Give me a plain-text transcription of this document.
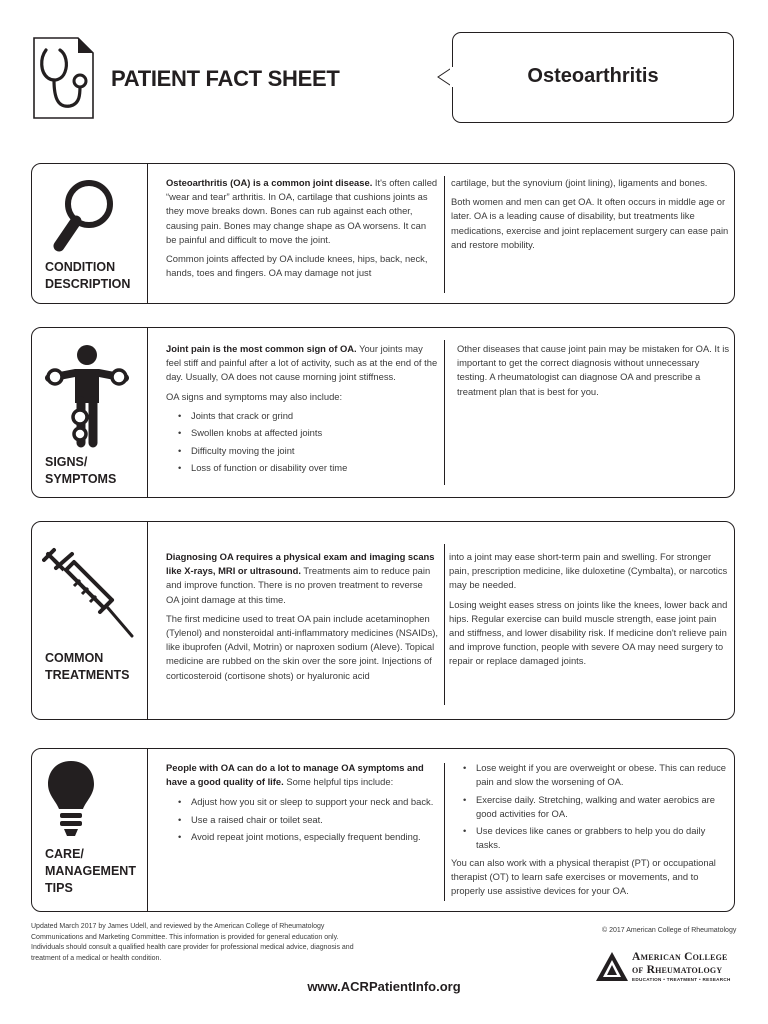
PATIENT FACT SHEET	Osteoarthritis
CONDITION
DESCRIPTION

Osteoarthritis (OA) is a common joint disease. It's often called “wear and tear” arthritis. In OA, cartilage that cushions joints as they move breaks down. Bones can rub against each other, causing pain. Bones may change shape as OA worsens. It can be painful and difficult to move the joint.

Common joints affected by OA include knees, hips, back, neck, hands, toes and fingers. OA may damage not just

cartilage, but the synovium (joint lining), ligaments and bones.

Both women and men can get OA. It often occurs in middle age or later. OA is a leading cause of disability, but treatments like medications, exercise and joint replacement surgery can ease pain and restore mobility.

SIGNS/
SYMPTOMS

Joint pain is the most common sign of OA. Your joints may feel stiff and painful after a lot of activity, such as at the end of the day. Usually, OA does not cause morning joint stiffness.

OA signs and symptoms may also include:

• Joints that crack or grind
• Swollen knobs at affected joints
• Difficulty moving the joint
• Loss of function or disability over time

Other diseases that cause joint pain may be mistaken for OA. It is important to get the correct diagnosis without unnecessary testing. A rheumatologist can diagnose OA and prescribe a treatment plan that is best for you.

COMMON
TREATMENTS

Diagnosing OA requires a physical exam and imaging scans like X-rays, MRI or ultrasound. Treatments aim to reduce pain and improve function. There is no proven treatment to reverse OA joint damage at this time.

The first medicine used to treat OA pain include acetaminophen (Tylenol) and nonsteroidal anti-inflammatory medicines (NSAIDs), like ibuprofen (Advil, Motrin) or naproxen sodium (Aleve). Topical medicine are rubbed on the skin over the sore joint. Injections of corticosteroid (cortisone shots) or hyaluronic acid

into a joint may ease short-term pain and swelling. For stronger pain, prescription medicine, like duloxetine (Cymbalta), or narcotics may be needed.

Losing weight eases stress on joints like the knees, lower back and hips. Regular exercise can build muscle strength, ease joint pain and stiffness, and lower disability risk. If medicine don't relieve pain and improve function, people with severe OA may need surgery to repair or replace damaged joints.

CARE/
MANAGEMENT
TIPS

People with OA can do a lot to manage OA symptoms and have a good quality of life. Some helpful tips include:

• Adjust how you sit or sleep to support your neck and back.
• Use a raised chair or toilet seat.
• Avoid repeat joint motions, especially frequent bending.
• Lose weight if you are overweight or obese. This can reduce pain and slow the worsening of OA.
• Exercise daily. Stretching, walking and water aerobics are good activities for OA.
• Use devices like canes or grabbers to help you do daily tasks.

You can also work with a physical therapist (PT) or occupational therapist (OT) to learn safe exercises or movements, and to properly use assistive devices for your OA.

Updated March 2017 by James Udell, and reviewed by the American College of Rheumatology Communications and Marketing Committee. This information is provided for general education only. Individuals should consult a qualified health care provider for professional medical advice, diagnosis and treatment of a medical or health condition.
© 2017 American College of Rheumatology
American College
of Rheumatology
EDUCATION • TREATMENT • RESEARCH
www.ACRPatientInfo.org
